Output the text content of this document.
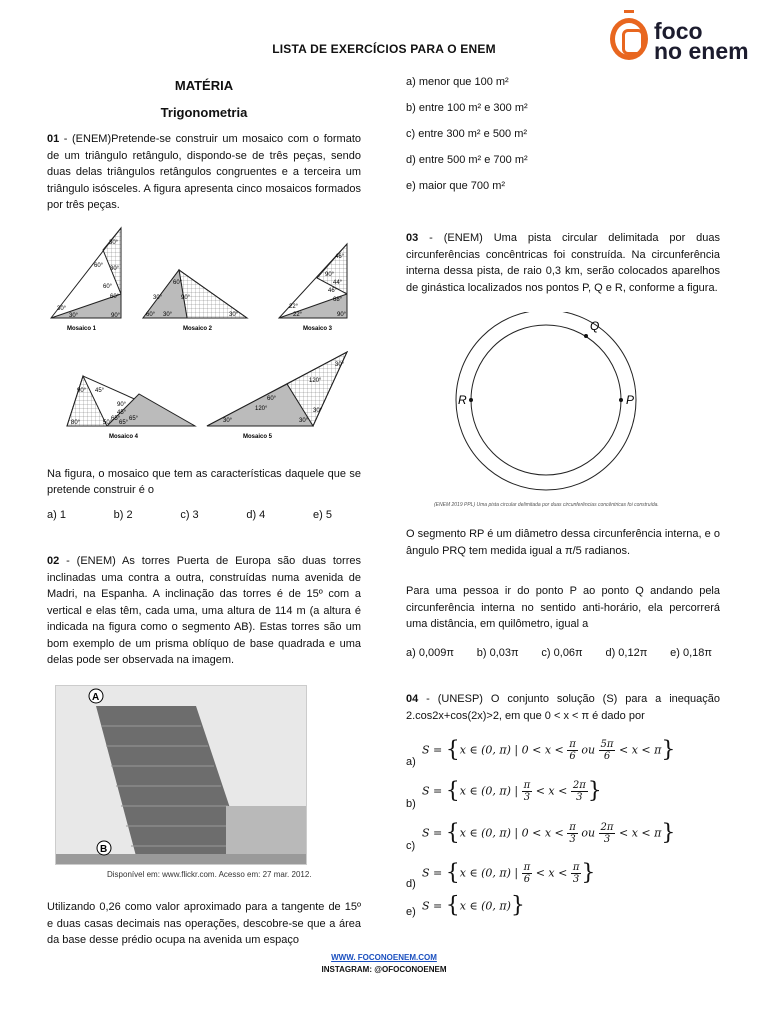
LISTA DE EXERCÍCIOS PARA O ENEM
foco
no enem
MATÉRIA
Trigonometria

01 - (ENEM)Pretende-se construir um mosaico com o formato de um triângulo retângulo, dispondo-se de três peças, sendo duas delas triângulos retângulos congruentes e a terceira um triângulo isósceles. A figura apresenta cinco mosaicos formados por três peças.

30°
60° 30°
60°
60°
30°
30°	90°
Mosaico 1
30°
60°
90°
60° 30°	30°
Mosaico 2
46°
90°
44°
46°
68°
22°
22°	90°
Mosaico 3
90° 45°
90°
45°
65° 65°
80°	50° 65°
Mosaico 4
30°
120°
60°
120°
30°
30°
30°
Mosaico 5

Na figura, o mosaico que tem as características daquele que se pretende construir é o

a) 1	b) 2	c) 3	d) 4	e) 5

02 - (ENEM) As torres Puerta de Europa são duas torres inclinadas uma contra a outra, construídas numa avenida de Madri, na Espanha. A inclinação das torres é de 15º com a vertical e elas têm, cada uma, uma altura de 114 m (a altura é indicada na figura como o segmento AB). Estas torres são um bom exemplo de um prisma oblíquo de base quadrada e uma delas pode ser observada na imagem.

A
B
Disponível em: www.flickr.com. Acesso em: 27 mar. 2012.

Utilizando 0,26 como valor aproximado para a tangente de 15º e duas casas decimais nas operações, descobre-se que a área da base desse prédio ocupa na avenida um espaço

a) menor que 100 m²
b) entre 100 m² e 300 m²
c) entre 300 m² e 500 m²
d) entre 500 m² e 700 m²
e) maior que 700 m²

03 - (ENEM) Uma pista circular delimitada por duas circunferências concêntricas foi construída. Na circunferência interna dessa pista, de raio 0,3 km, serão colocados aparelhos de ginástica localizados nos pontos P, Q e R, conforme a figura.

Q
R	P
(ENEM 2019 PPL) Uma pista circular delimitada por duas circunferências concêntricas foi construída.

O segmento RP é um diâmetro dessa circunferência interna, e o ângulo PRQ tem medida igual a π/5 radianos.

Para uma pessoa ir do ponto P ao ponto Q andando pela circunferência interna no sentido anti-horário, ela percorrerá uma distância, em quilômetro, igual a

a) 0,009π b) 0,03π c) 0,06π d) 0,12π e) 0,18π

04 - (UNESP) O conjunto solução (S) para a inequação 2.cos2x+cos(2x)>2, em que 0 < x < π é dado por

a)
S = {x ∈ (0, π) | $0 < x < \frac{\pi}{6}$ ou $\frac{5\pi}{6} < x < \pi$}
b)
S = {x ∈ (0, π) | $\frac{\pi}{3} < x < \frac{2\pi}{3}$ }
c)
S = {x ∈ (0, π) | $0 < x < \frac{\pi}{3}$ ou $\frac{2\pi}{3} < x < \pi$}
d)
S = {x ∈ (0, π) | $\frac{\pi}{6} < x < \frac{\pi}{3}$ }
e) S = {x ∈ (0, π)}
WWW. FOCONOENEM.COM
INSTAGRAM: @OFOCONOENEM
